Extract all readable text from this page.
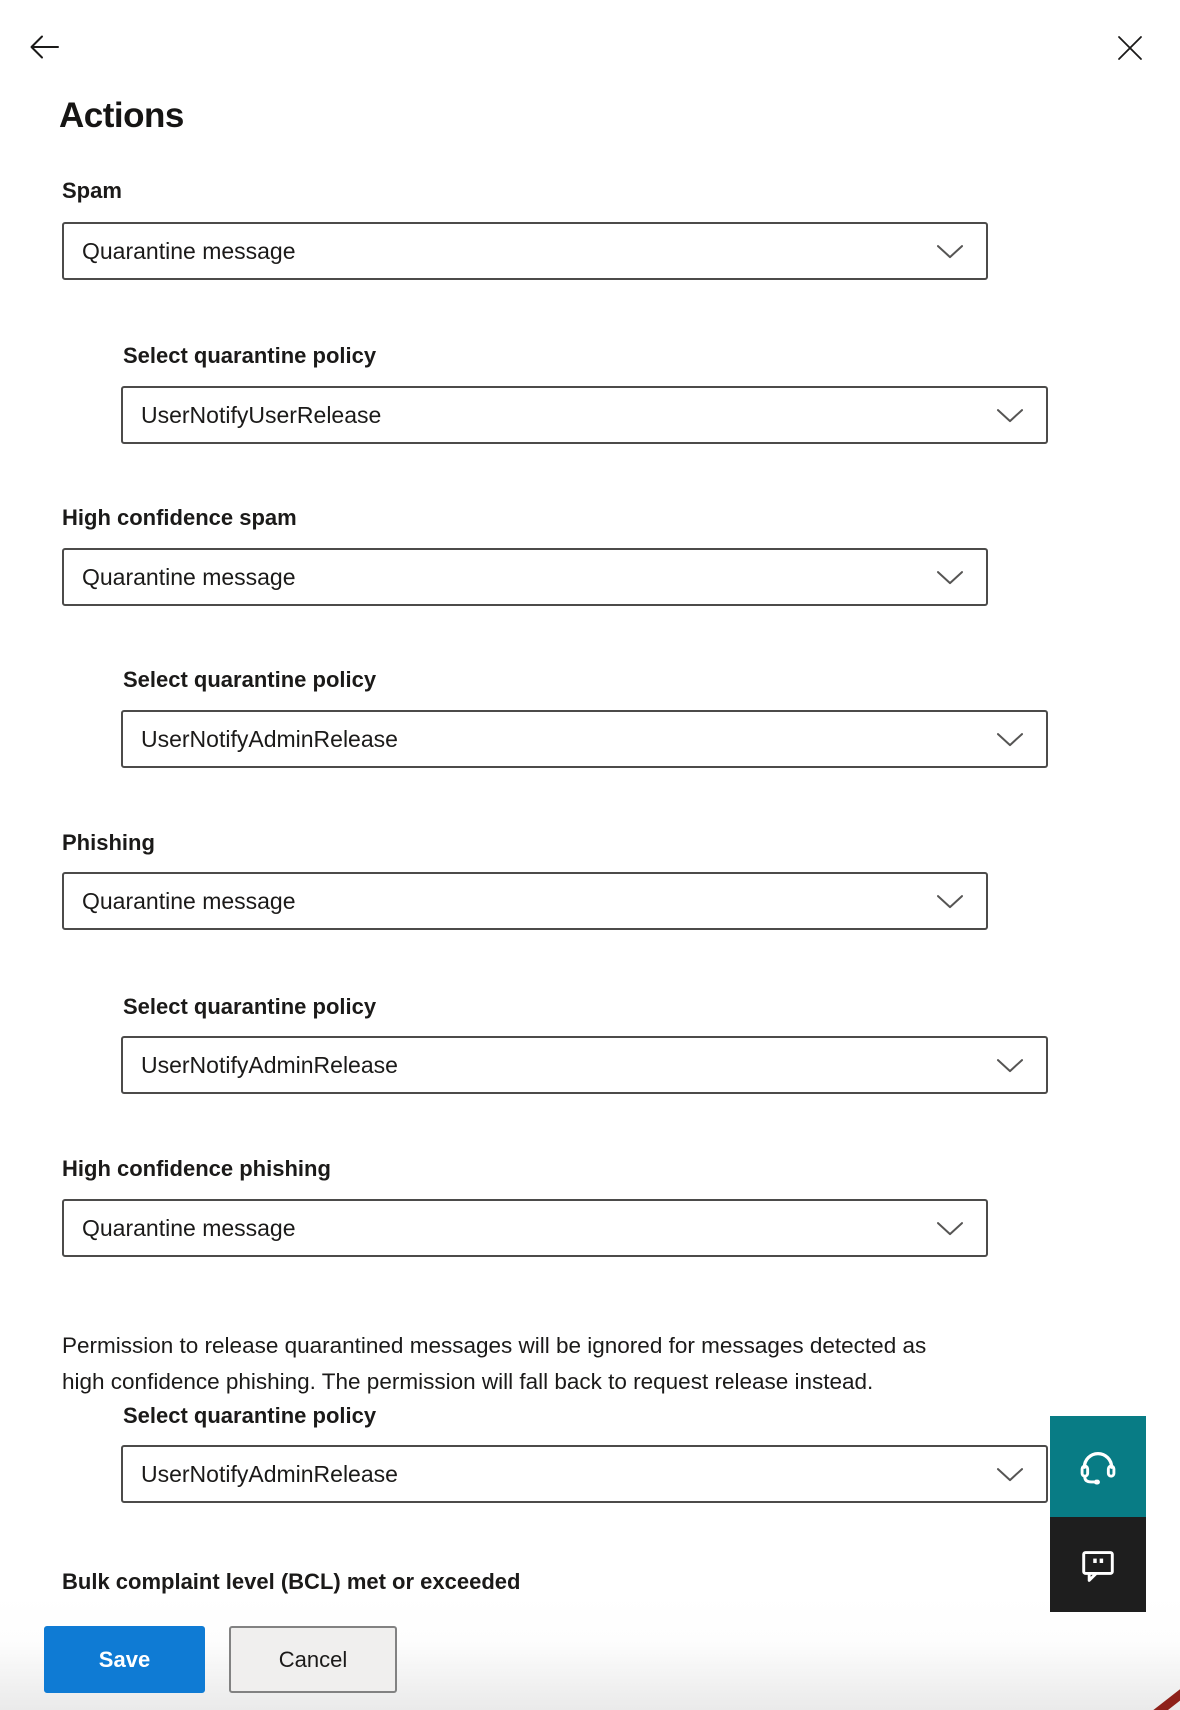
Actions
Spam
Quarantine message
Select quarantine policy
UserNotifyUserRelease
High confidence spam
Quarantine message
Select quarantine policy
UserNotifyAdminRelease
Phishing
Quarantine message
Select quarantine policy
UserNotifyAdminRelease
High confidence phishing
Quarantine message

Permission to release quarantined messages will be ignored for messages detected as
high confidence phishing. The permission will fall back to request release instead.

Select quarantine policy
UserNotifyAdminRelease
Bulk complaint level (BCL) met or exceeded
Save	Cancel
